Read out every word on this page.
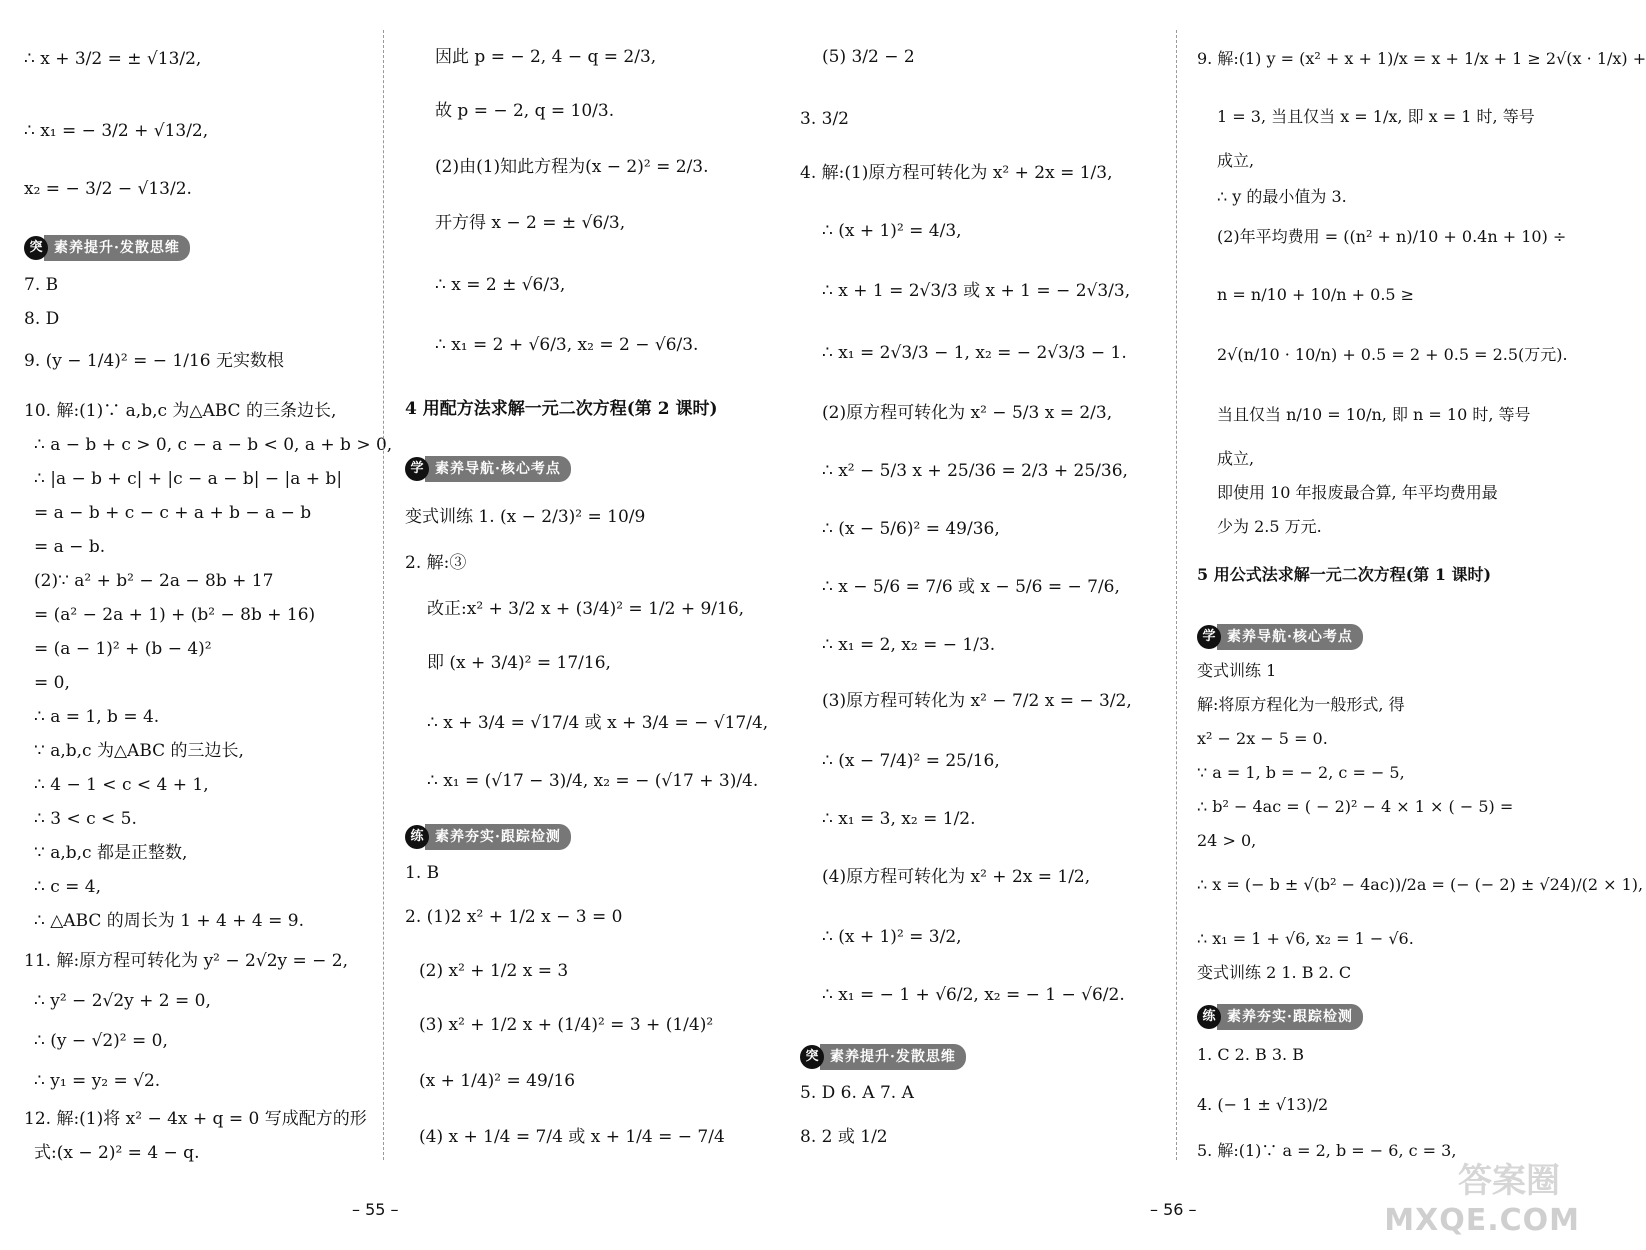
∴ x + 3/2 = ± √13/2,
∴ x₁ = − 3/2 + √13/2,
x₂ = − 3/2 − √13/2.
突 素养提升·发散思维
7. B
8. D
9. (y − 1/4)² = − 1/16 无实数根
10. 解:(1)∵ a,b,c 为△ABC 的三条边长,
∴ a − b + c > 0, c − a − b < 0, a + b > 0,
∴ |a − b + c| + |c − a − b| − |a + b|
= a − b + c − c + a + b − a − b
= a − b.
(2)∵ a² + b² − 2a − 8b + 17
= (a² − 2a + 1) + (b² − 8b + 16)
= (a − 1)² + (b − 4)²
= 0,
∴ a = 1, b = 4.
∵ a,b,c 为△ABC 的三边长,
∴ 4 − 1 < c < 4 + 1,
∴ 3 < c < 5.
∵ a,b,c 都是正整数,
∴ c = 4,
∴ △ABC 的周长为 1 + 4 + 4 = 9.
11. 解:原方程可转化为 y² − 2√2y = − 2,
∴ y² − 2√2y + 2 = 0,
∴ (y − √2)² = 0,
∴ y₁ = y₂ = √2.
12. 解:(1)将 x² − 4x + q = 0 写成配方的形
式:(x − 2)² = 4 − q.
因此 p = − 2, 4 − q = 2/3,
故 p = − 2, q = 10/3.
(2)由(1)知此方程为(x − 2)² = 2/3.
开方得 x − 2 = ± √6/3,
∴ x = 2 ± √6/3,
∴ x₁ = 2 + √6/3, x₂ = 2 − √6/3.
4 用配方法求解一元二次方程(第 2 课时)
学 素养导航·核心考点
变式训练 1. (x − 2/3)² = 10/9
2. 解:③
改正:x² + 3/2 x + (3/4)² = 1/2 + 9/16,
即 (x + 3/4)² = 17/16,
∴ x + 3/4 = √17/4 或 x + 3/4 = − √17/4,
∴ x₁ = (√17 − 3)/4, x₂ = − (√17 + 3)/4.
练 素养夯实·跟踪检测
1. B
2. (1)2 x² + 1/2 x − 3 = 0
(2) x² + 1/2 x = 3
(3) x² + 1/2 x + (1/4)² = 3 + (1/4)²
(x + 1/4)² = 49/16
(4) x + 1/4 = 7/4 或 x + 1/4 = − 7/4
(5) 3/2 − 2
3. 3/2
4. 解:(1)原方程可转化为 x² + 2x = 1/3,
∴ (x + 1)² = 4/3,
∴ x + 1 = 2√3/3 或 x + 1 = − 2√3/3,
∴ x₁ = 2√3/3 − 1, x₂ = − 2√3/3 − 1.
(2)原方程可转化为 x² − 5/3 x = 2/3,
∴ x² − 5/3 x + 25/36 = 2/3 + 25/36,
∴ (x − 5/6)² = 49/36,
∴ x − 5/6 = 7/6 或 x − 5/6 = − 7/6,
∴ x₁ = 2, x₂ = − 1/3.
(3)原方程可转化为 x² − 7/2 x = − 3/2,
∴ (x − 7/4)² = 25/16,
∴ x₁ = 3, x₂ = 1/2.
(4)原方程可转化为 x² + 2x = 1/2,
∴ (x + 1)² = 3/2,
∴ x₁ = − 1 + √6/2, x₂ = − 1 − √6/2.
突 素养提升·发散思维
5. D 6. A 7. A
8. 2 或 1/2
9. 解:(1) y = (x² + x + 1)/x = x + 1/x + 1 ≥ 2√(x · 1/x) +
1 = 3, 当且仅当 x = 1/x, 即 x = 1 时, 等号
成立,
∴ y 的最小值为 3.
(2)年平均费用 = ((n² + n)/10 + 0.4n + 10) ÷
n = n/10 + 10/n + 0.5 ≥
2√(n/10 · 10/n) + 0.5 = 2 + 0.5 = 2.5(万元).
当且仅当 n/10 = 10/n, 即 n = 10 时, 等号
成立,
即使用 10 年报废最合算, 年平均费用最
少为 2.5 万元.
5 用公式法求解一元二次方程(第 1 课时)
学 素养导航·核心考点
变式训练 1
解:将原方程化为一般形式, 得
x² − 2x − 5 = 0.
∵ a = 1, b = − 2, c = − 5,
∴ b² − 4ac = ( − 2)² − 4 × 1 × ( − 5) =
24 > 0,
∴ x = (− b ± √(b² − 4ac))/2a = (− (− 2) ± √24)/(2 × 1),
∴ x₁ = 1 + √6, x₂ = 1 − √6.
变式训练 2 1. B 2. C
练 素养夯实·跟踪检测
1. C 2. B 3. B
4. (− 1 ± √13)/2
5. 解:(1)∵ a = 2, b = − 6, c = 3,
– 55 –	– 56 –
答案圈
MXQE.COM
